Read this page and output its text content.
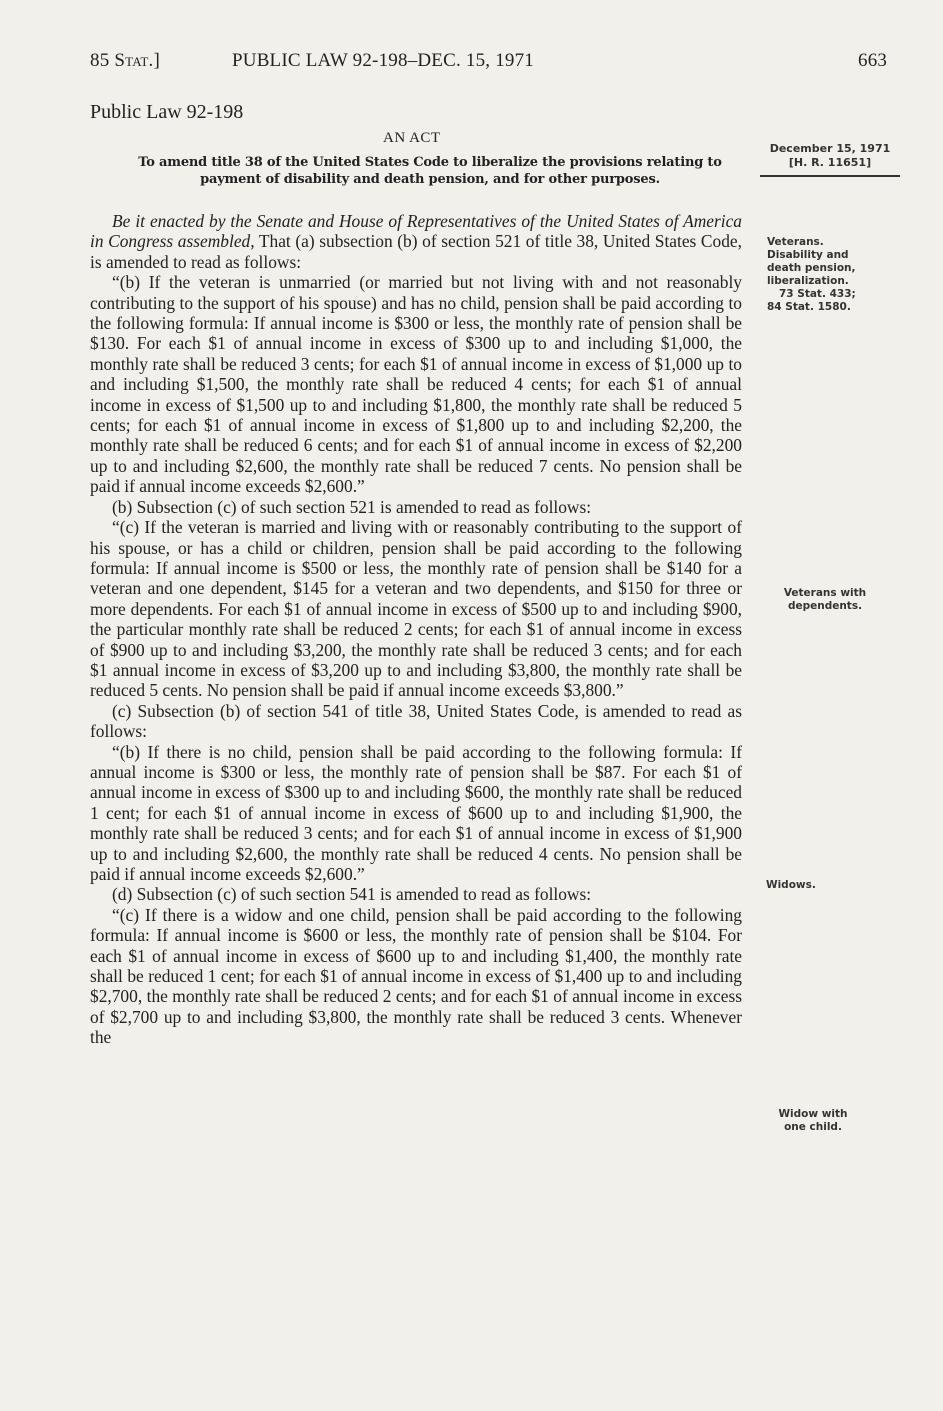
85 Stat.]	PUBLIC LAW 92-198–DEC. 15, 1971	663
Public Law 92-198
AN ACT
To amend title 38 of the United States Code to liberalize the provisions relating to payment of disability and death pension, and for other purposes.
December 15, 1971
[H. R. 11651]
Veterans.
Disability and
death pension,
liberalization.
73 Stat. 433;
84 Stat. 1580.
Veterans with
dependents.
Widows.
Widow with
one child.

Be it enacted by the Senate and House of Representatives of the United States of America in Congress assembled, That (a) subsection (b) of section 521 of title 38, United States Code, is amended to read as follows:

“(b) If the veteran is unmarried (or married but not living with and not reasonably contributing to the support of his spouse) and has no child, pension shall be paid according to the following formula: If annual income is $300 or less, the monthly rate of pension shall be $130. For each $1 of annual income in excess of $300 up to and including $1,000, the monthly rate shall be reduced 3 cents; for each $1 of annual income in excess of $1,000 up to and including $1,500, the monthly rate shall be reduced 4 cents; for each $1 of annual income in excess of $1,500 up to and including $1,800, the monthly rate shall be reduced 5 cents; for each $1 of annual income in excess of $1,800 up to and including $2,200, the monthly rate shall be reduced 6 cents; and for each $1 of annual income in excess of $2,200 up to and including $2,600, the monthly rate shall be reduced 7 cents. No pension shall be paid if annual income exceeds $2,600.”

(b) Subsection (c) of such section 521 is amended to read as follows:

“(c) If the veteran is married and living with or reasonably contributing to the support of his spouse, or has a child or children, pension shall be paid according to the following formula: If annual income is $500 or less, the monthly rate of pension shall be $140 for a veteran and one dependent, $145 for a veteran and two dependents, and $150 for three or more dependents. For each $1 of annual income in excess of $500 up to and including $900, the particular monthly rate shall be reduced 2 cents; for each $1 of annual income in excess of $900 up to and including $3,200, the monthly rate shall be reduced 3 cents; and for each $1 annual income in excess of $3,200 up to and including $3,800, the monthly rate shall be reduced 5 cents. No pension shall be paid if annual income exceeds $3,800.”

(c) Subsection (b) of section 541 of title 38, United States Code, is amended to read as follows:

“(b) If there is no child, pension shall be paid according to the following formula: If annual income is $300 or less, the monthly rate of pension shall be $87. For each $1 of annual income in excess of $300 up to and including $600, the monthly rate shall be reduced 1 cent; for each $1 of annual income in excess of $600 up to and including $1,900, the monthly rate shall be reduced 3 cents; and for each $1 of annual income in excess of $1,900 up to and including $2,600, the monthly rate shall be reduced 4 cents. No pension shall be paid if annual income exceeds $2,600.”

(d) Subsection (c) of such section 541 is amended to read as follows:

“(c) If there is a widow and one child, pension shall be paid according to the following formula: If annual income is $600 or less, the monthly rate of pension shall be $104. For each $1 of annual income in excess of $600 up to and including $1,400, the monthly rate shall be reduced 1 cent; for each $1 of annual income in excess of $1,400 up to and including $2,700, the monthly rate shall be reduced 2 cents; and for each $1 of annual income in excess of $2,700 up to and including $3,800, the monthly rate shall be reduced 3 cents. Whenever the
